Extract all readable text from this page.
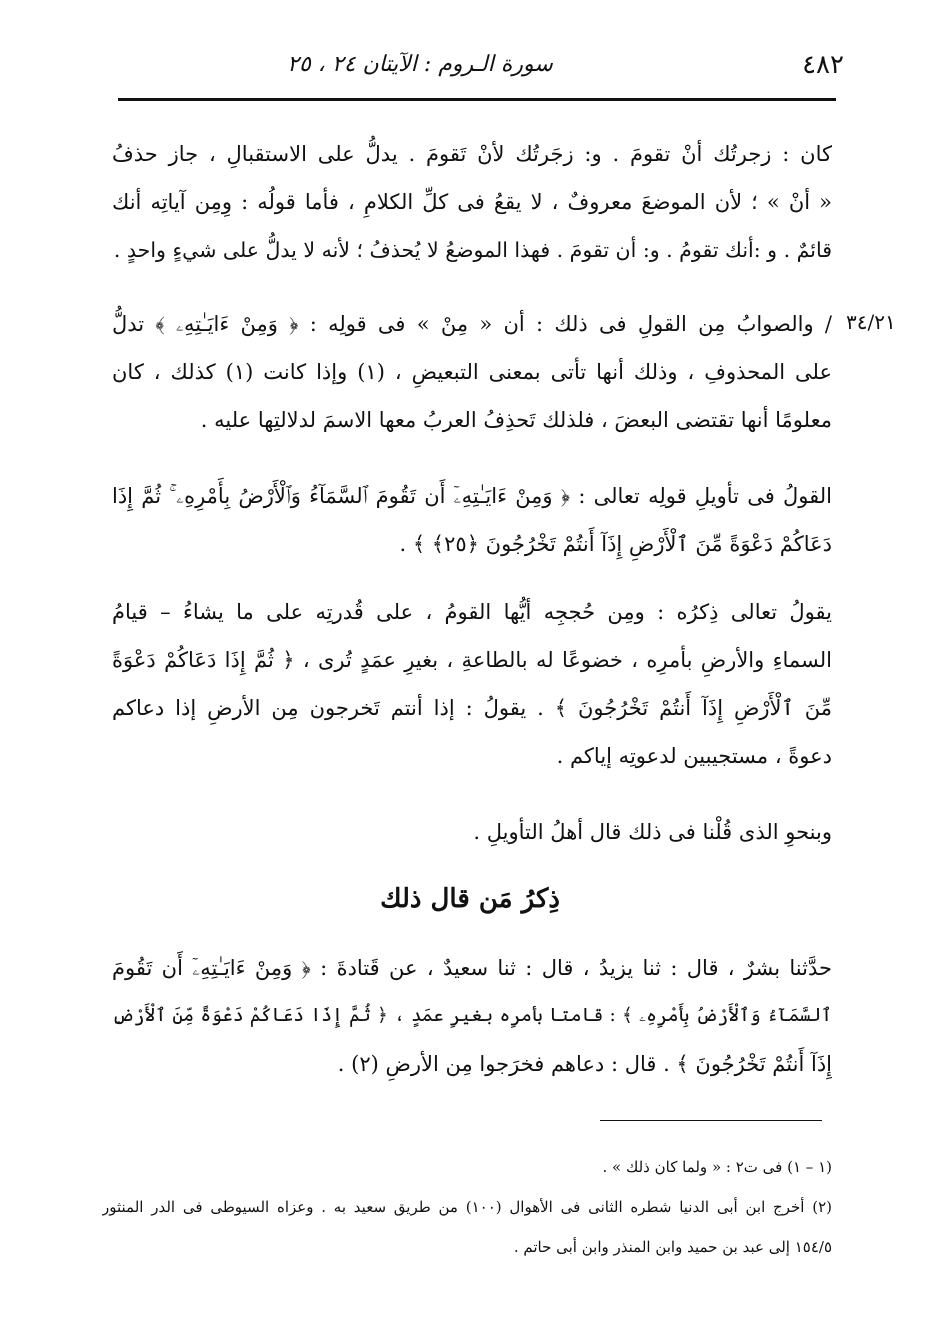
٤٨٢
سورة الـروم : الآيتان ٢٤ ، ٢٥
٣٤/٢١
كان : زجرتُك أنْ تقومَ . و: زجَرتُك لأنْ تَقومَ . يدلُّ على الاستقبالِ ، جاز حذفُ
« أنْ » ؛ لأن الموضعَ معروفٌ ، لا يقعُ فى كلِّ الكلامِ ، فأما قولُه : وِمِن آياتِه أنك
قائمٌ . و :أنك تقومُ . و: أن تقومَ . فهذا الموضعُ لا يُحذفُ ؛ لأنه لا يدلُّ على شيءٍ واحدٍ .
/ والصوابُ مِن القولِ فى ذلك : أن « مِنْ » فى قولِه : ﴿ وَمِنْ ءَايَـٰتِهِۦ ﴾ تدلُّ
على المحذوفِ ، وذلك أنها تأتى بمعنى التبعيضِ ، (١) وإذا كانت (١) كذلك ، كان
معلومًا أنها تقتضى البعضَ ، فلذلك تَحذِفُ العربُ معها الاسمَ لدلالتِها عليه .
القولُ فى تأويلِ قولِه تعالى : ﴿ وَمِنْ ءَايَـٰتِهِۦٓ أَن تَقُومَ ٱلسَّمَآءُ وَٱلْأَرْضُ بِأَمْرِهِۦ ۚ ثُمَّ إِذَا
دَعَاكُمْ دَعْوَةً مِّنَ ٱلْأَرْضِ إِذَآ أَنتُمْ تَخْرُجُونَ ﴿٢٥﴾ ﴾ .
يقولُ تعالى ذِكرُه : ومِن حُججِه أيُّها القومُ ، على قُدرتِه على ما يشاءُ – قيامُ
السماءِ والأرضِ بأمرِه ، خضوعًا له بالطاعةِ ، بغيرِ عمَدٍ تُرى ، ﴿ ثُمَّ إِذَا دَعَاكُمْ دَعْوَةً
مِّنَ ٱلْأَرْضِ إِذَآ أَنتُمْ تَخْرُجُونَ ﴾ . يقولُ : إذا أنتم تَخرجون مِن الأرضِ إذا دعاكم
دعوةً ، مستجيبين لدعوتِه إياكم .
وبنحوِ الذى قُلْنا فى ذلك قال أهلُ التأويلِ .
ذِكرُ مَن قال ذلك
حدَّثنا بشرٌ ، قال : ثنا يزيدُ ، قال : ثنا سعيدٌ ، عن قَتادةَ : ﴿ وَمِنْ ءَايَـٰتِهِۦٓ أَن تَقُومَ
ٱلسَّمَآءُ وَٱلْأَرْضُ بِأَمْرِهِۦ ﴾ : قامتا بأمرِه بغيرِ عمَدٍ ، ﴿ ثُمَّ إِذَا دَعَاكُمْ دَعْوَةً مِّنَ ٱلْأَرْضِ
إِذَآ أَنتُمْ تَخْرُجُونَ ﴾ . قال : دعاهم فخرَجوا مِن الأرضِ (٢) .
(١ – ١) فى ت٢ : « ولما كان ذلك » .
(٢) أخرج ابن أبى الدنيا شطره الثانى فى الأهوال (١٠٠) من طريق سعيد به . وعزاه السيوطى فى الدر المنثور
١٥٤/٥ إلى عبد بن حميد وابن المنذر وابن أبى حاتم .
